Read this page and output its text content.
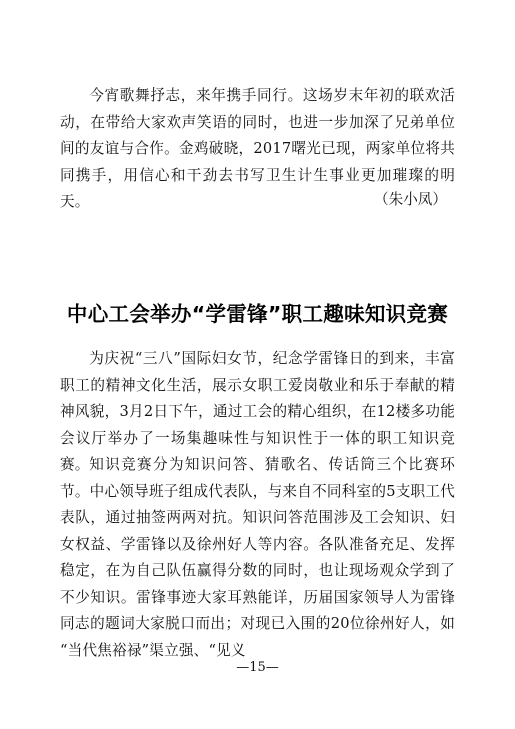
今宵歌舞抒志，来年携手同行。这场岁末年初的联欢活动，在带给大家欢声笑语的同时，也进一步加深了兄弟单位间的友谊与合作。金鸡破晓，2017曙光已现，两家单位将共同携手，用信心和干劲去书写卫生计生事业更加璀璨的明天。	（朱小凤）

中心工会举办“学雷锋”职工趣味知识竞赛

为庆祝“三八”国际妇女节，纪念学雷锋日的到来，丰富职工的精神文化生活，展示女职工爱岗敬业和乐于奉献的精神风貌，3月2日下午，通过工会的精心组织，在12楼多功能会议厅举办了一场集趣味性与知识性于一体的职工知识竞赛。 知识竞赛分为知识问答、猜歌名、传话筒三个比赛环节。中心领导班子组成代表队，与来自不同科室的5支职工代表队，通过抽签两两对抗。知识问答范围涉及工会知识、妇女权益、学雷锋以及徐州好人等内容。各队准备充足、发挥稳定，在为自己队伍赢得分数的同时，也让现场观众学到了不少知识。雷锋事迹大家耳熟能详，历届国家领导人为雷锋同志的题词大家脱口而出；对现已入围的20位徐州好人，如 “当代焦裕禄”渠立强、“见义

—15—
